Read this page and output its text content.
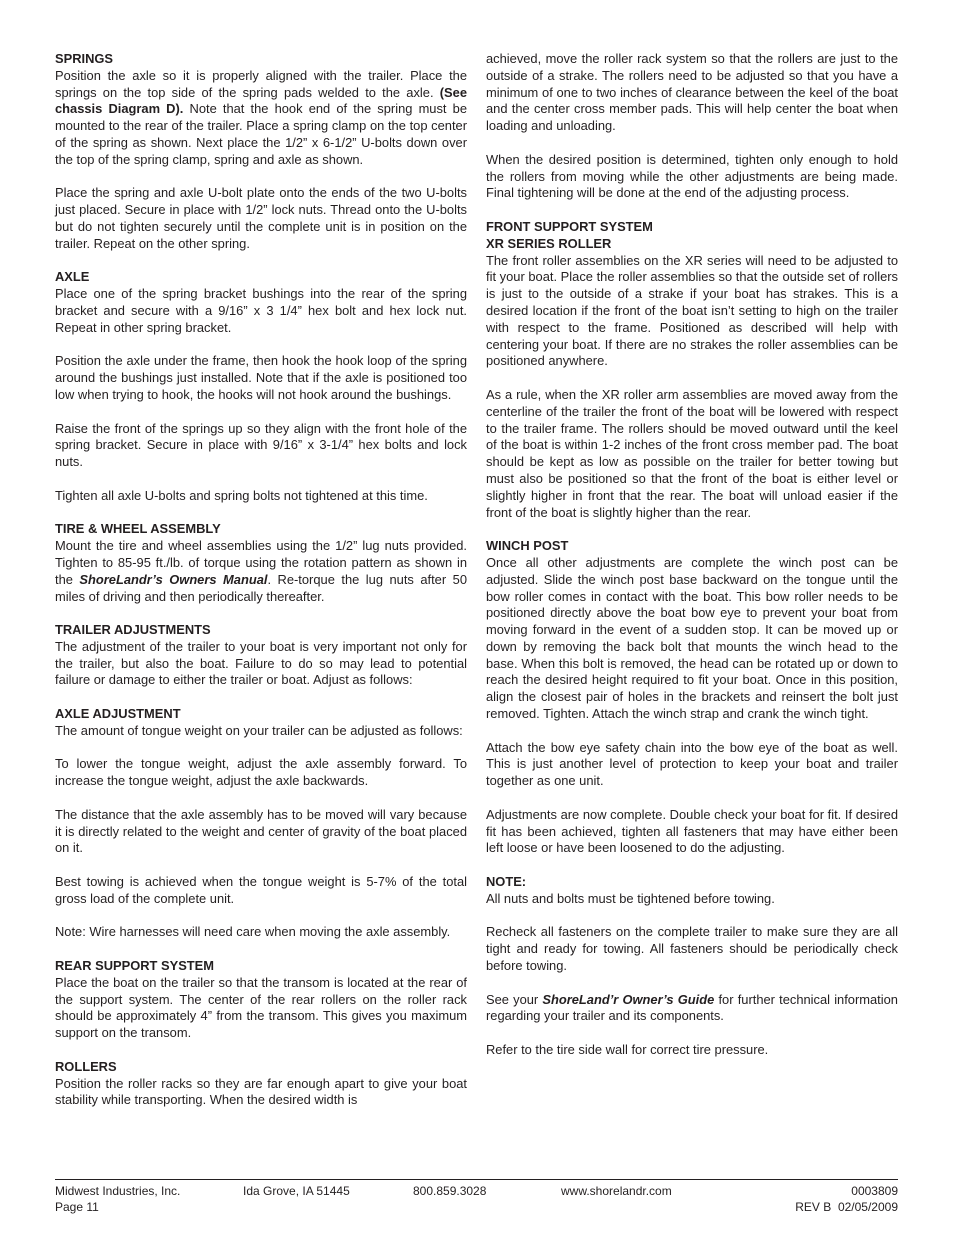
SPRINGS

Position the axle so it is properly aligned with the trailer. Place the springs on the top side of the spring pads welded to the axle. (See chassis Diagram D). Note that the hook end of the spring must be mounted to the rear of the trailer. Place a spring clamp on the top center of the spring as shown. Next place the 1/2” x 6-1/2” U-bolts down over the top of the spring clamp, spring and axle as shown.

Place the spring and axle U-bolt plate onto the ends of the two U-bolts just placed. Secure in place with 1/2” lock nuts. Thread onto the U-bolts but do not tighten securely until the complete unit is in position on the trailer. Repeat on the other spring.

AXLE

Place one of the spring bracket bushings into the rear of the spring bracket and secure with a 9/16” x 3 1/4” hex bolt and hex lock nut. Repeat in other spring bracket.

Position the axle under the frame, then hook the hook loop of the spring around the bushings just installed. Note that if the axle is positioned too low when trying to hook, the hooks will not hook around the bushings.

Raise the front of the springs up so they align with the front hole of the spring bracket. Secure in place with 9/16” x 3-1/4” hex bolts and lock nuts.

Tighten all axle U-bolts and spring bolts not tightened at this time.

TIRE & WHEEL ASSEMBLY

Mount the tire and wheel assemblies using the 1/2” lug nuts provided. Tighten to 85-95 ft./lb. of torque using the rotation pattern as shown in the ShoreLandr’s Owners Manual. Re-torque the lug nuts after 50 miles of driving and then periodically thereafter.

TRAILER ADJUSTMENTS

The adjustment of the trailer to your boat is very important not only for the trailer, but also the boat. Failure to do so may lead to potential failure or damage to either the trailer or boat. Adjust as follows:

AXLE ADJUSTMENT

The amount of tongue weight on your trailer can be adjusted as follows:

To lower the tongue weight, adjust the axle assembly forward. To increase the tongue weight, adjust the axle backwards.

The distance that the axle assembly has to be moved will vary because it is directly related to the weight and center of gravity of the boat placed on it.

Best towing is achieved when the tongue weight is 5-7% of the total gross load of the complete unit.

Note: Wire harnesses will need care when moving the axle assembly.

REAR SUPPORT SYSTEM

Place the boat on the trailer so that the transom is located at the rear of the support system. The center of the rear rollers on the roller rack should be approximately 4” from the transom. This gives you maximum support on the transom.

ROLLERS

Position the roller racks so they are far enough apart to give your boat stability while transporting. When the desired width is

achieved, move the roller rack system so that the rollers are just to the outside of a strake. The rollers need to be adjusted so that you have a minimum of one to two inches of clearance between the keel of the boat and the center cross member pads. This will help center the boat when loading and unloading.

When the desired position is determined, tighten only enough to hold the rollers from moving while the other adjustments are being made. Final tightening will be done at the end of the adjusting process.

FRONT SUPPORT SYSTEM
XR SERIES ROLLER

The front roller assemblies on the XR series will need to be adjusted to fit your boat. Place the roller assemblies so that the outside set of rollers is just to the outside of a strake if your boat has strakes. This is a desired location if the front of the boat isn’t setting to high on the trailer with respect to the frame. Positioned as described will help with centering your boat. If there are no strakes the roller assemblies can be positioned anywhere.

As a rule, when the XR roller arm assemblies are moved away from the centerline of the trailer the front of the boat will be lowered with respect to the trailer frame. The rollers should be moved outward until the keel of the boat is within 1-2 inches of the front cross member pad. The boat should be kept as low as possible on the trailer for better towing but must also be positioned so that the front of the boat is either level or slightly higher in front that the rear. The boat will unload easier if the front of the boat is slightly higher than the rear.

WINCH POST

Once all other adjustments are complete the winch post can be adjusted. Slide the winch post base backward on the tongue until the bow roller comes in contact with the boat. This bow roller needs to be positioned directly above the boat bow eye to prevent your boat from moving forward in the event of a sudden stop. It can be moved up or down by removing the back bolt that mounts the winch head to the base. When this bolt is removed, the head can be rotated up or down to reach the desired height required to fit your boat. Once in this position, align the closest pair of holes in the brackets and reinsert the bolt just removed. Tighten. Attach the winch strap and crank the winch tight.

Attach the bow eye safety chain into the bow eye of the boat as well. This is just another level of protection to keep your boat and trailer together as one unit.

Adjustments are now complete. Double check your boat for fit. If desired fit has been achieved, tighten all fasteners that may have either been left loose or have been loosened to do the adjusting.

NOTE:

All nuts and bolts must be tightened before towing.

Recheck all fasteners on the complete trailer to make sure they are all tight and ready for towing. All fasteners should be periodically check before towing.

See your ShoreLand’r Owner’s Guide for further technical information regarding your trailer and its components.

Refer to the tire side wall for correct tire pressure.

Midwest Industries, Inc.
Page 11
Ida Grove, IA 51445	800.859.3028	www.shorelandr.com	0003809
REV B 02/05/2009
